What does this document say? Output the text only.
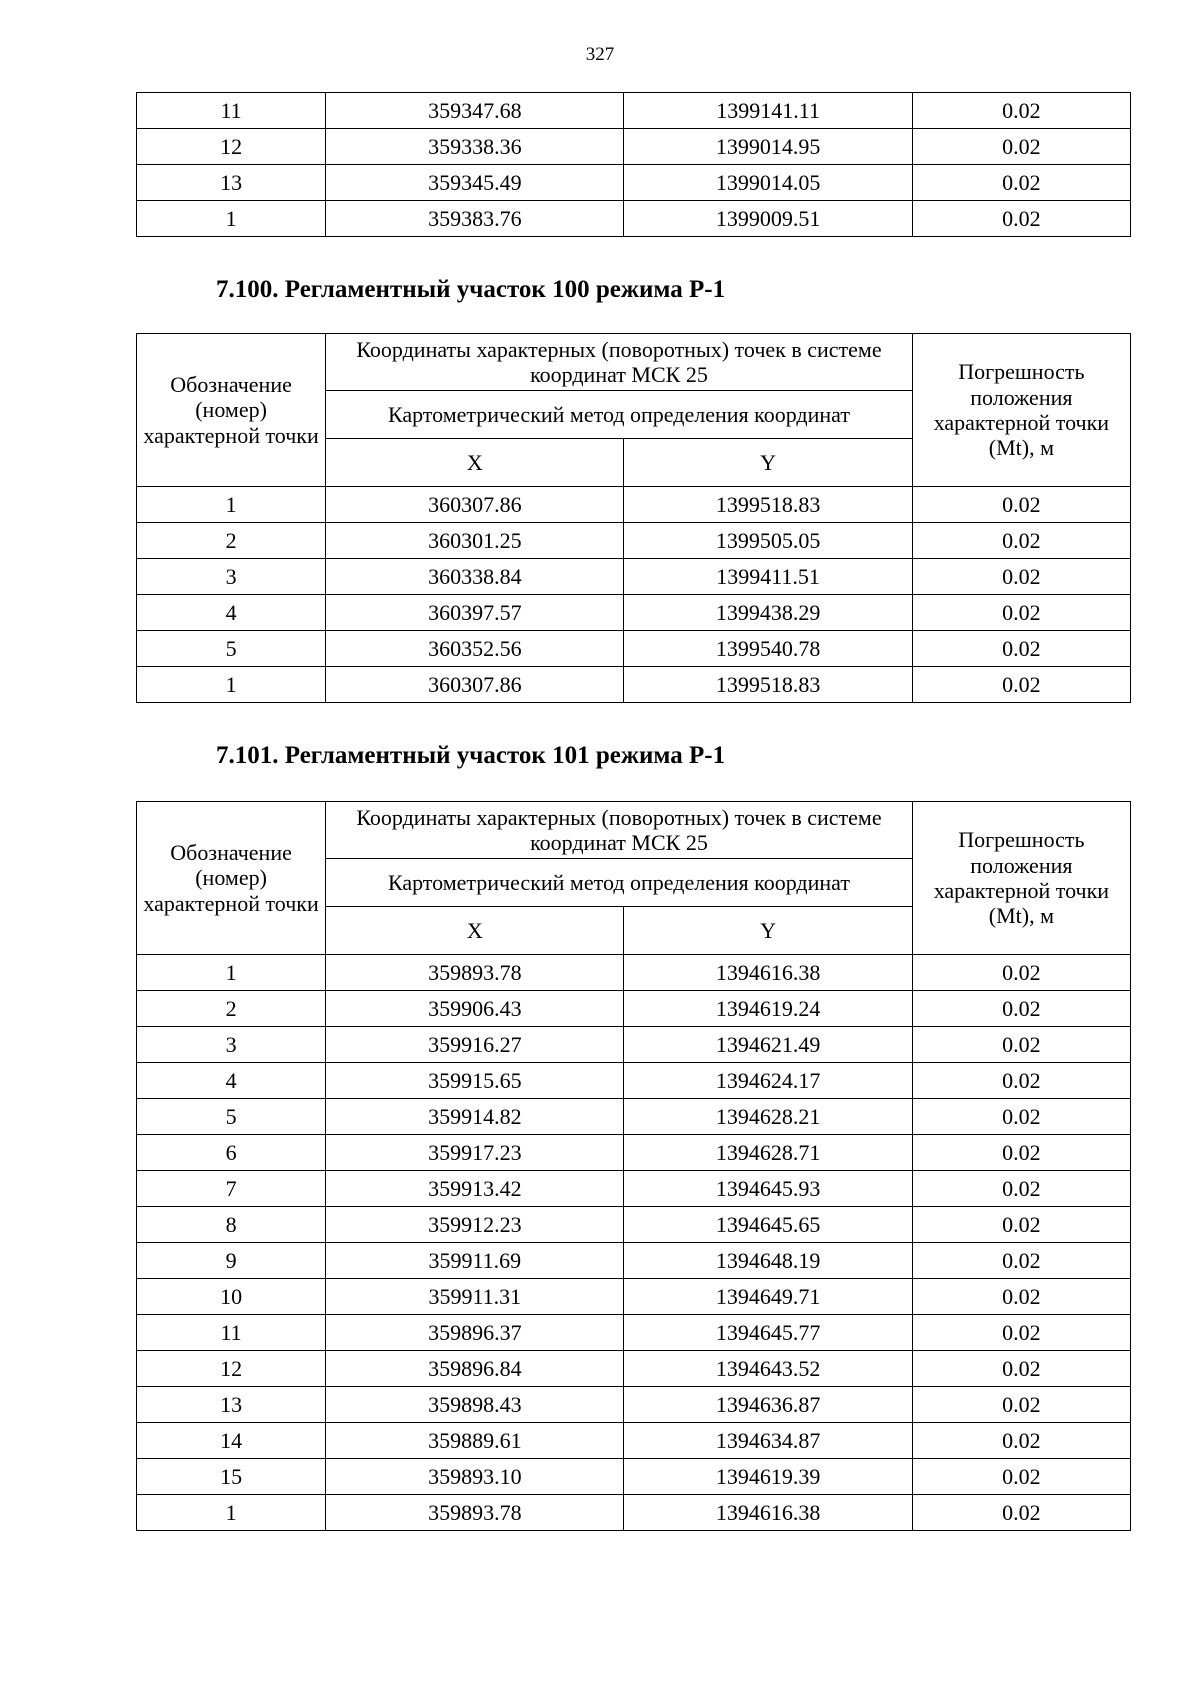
327
11	359347.68	1399141.11	0.02
12	359338.36	1399014.95	0.02
13	359345.49	1399014.05	0.02
1	359383.76	1399009.51	0.02
7.100. Регламентный участок 100 режима Р-1
Обозначение (номер) характерной точки	Координаты характерных (поворотных) точек в системе координат МСК 25		Погрешность положения характерной точки (Mt), м
	Картометрический метод определения координат		
	X	Y	
1	360307.86	1399518.83	0.02
2	360301.25	1399505.05	0.02
3	360338.84	1399411.51	0.02
4	360397.57	1399438.29	0.02
5	360352.56	1399540.78	0.02
1	360307.86	1399518.83	0.02
7.101. Регламентный участок 101 режима Р-1
Обозначение (номер) характерной точки	Координаты характерных (поворотных) точек в системе координат МСК 25		Погрешность положения характерной точки (Mt), м
	Картометрический метод определения координат		
	X	Y	
1	359893.78	1394616.38	0.02
2	359906.43	1394619.24	0.02
3	359916.27	1394621.49	0.02
4	359915.65	1394624.17	0.02
5	359914.82	1394628.21	0.02
6	359917.23	1394628.71	0.02
7	359913.42	1394645.93	0.02
8	359912.23	1394645.65	0.02
9	359911.69	1394648.19	0.02
10	359911.31	1394649.71	0.02
11	359896.37	1394645.77	0.02
12	359896.84	1394643.52	0.02
13	359898.43	1394636.87	0.02
14	359889.61	1394634.87	0.02
15	359893.10	1394619.39	0.02
1	359893.78	1394616.38	0.02
